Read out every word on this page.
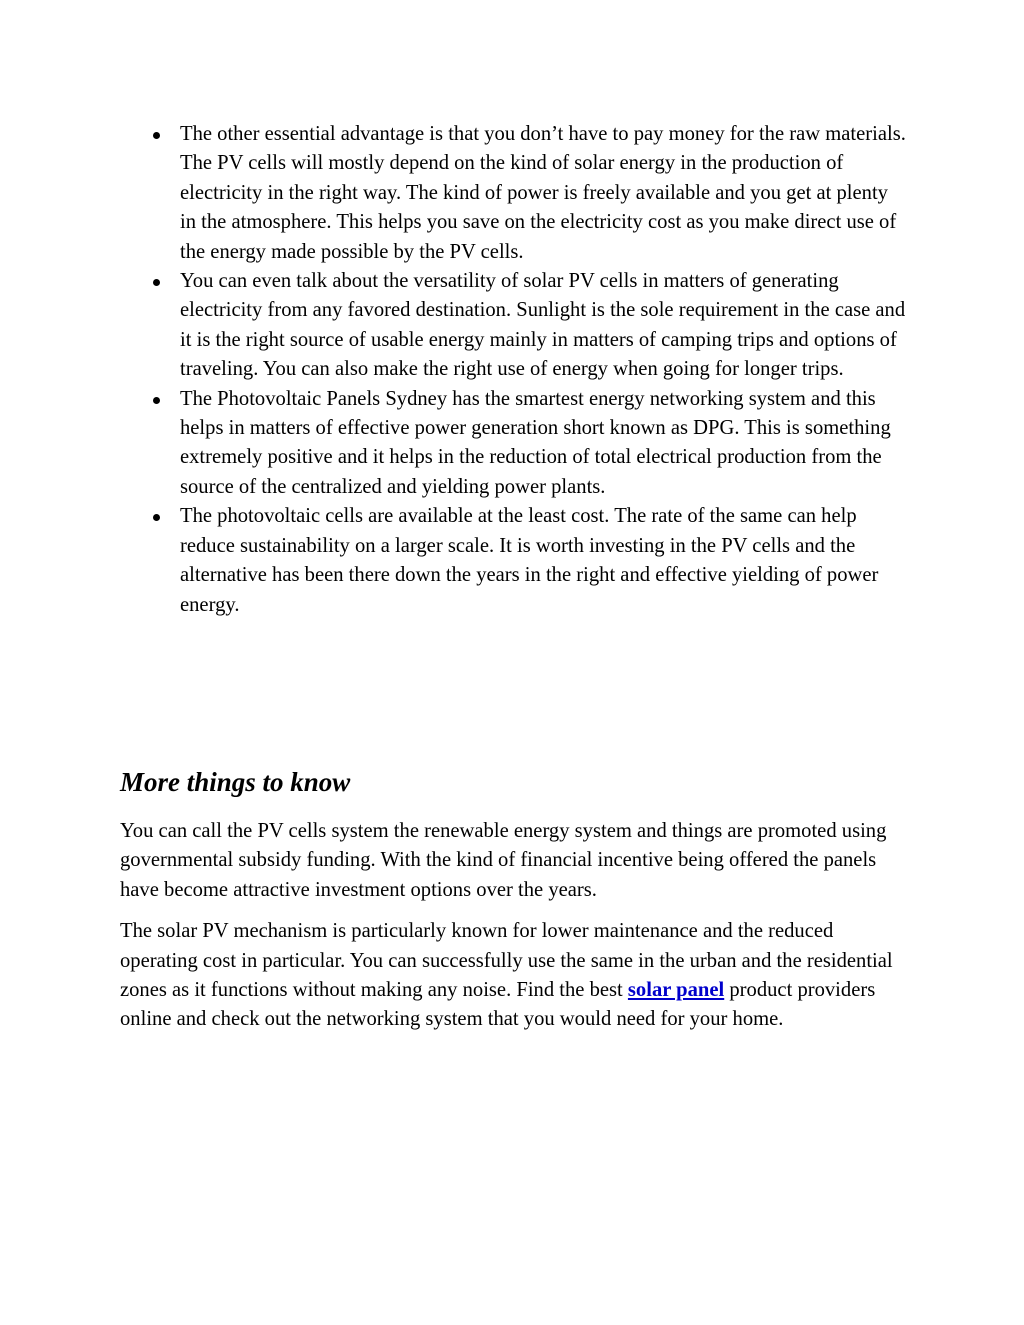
The other essential advantage is that you don’t have to pay money for the raw materials. The PV cells will mostly depend on the kind of solar energy in the production of electricity in the right way. The kind of power is freely available and you get at plenty in the atmosphere. This helps you save on the electricity cost as you make direct use of the energy made possible by the PV cells.
You can even talk about the versatility of solar PV cells in matters of generating electricity from any favored destination. Sunlight is the sole requirement in the case and it is the right source of usable energy mainly in matters of camping trips and options of traveling. You can also make the right use of energy when going for longer trips.
The Photovoltaic Panels Sydney has the smartest energy networking system and this helps in matters of effective power generation short known as DPG. This is something extremely positive and it helps in the reduction of total electrical production from the source of the centralized and yielding power plants.
The photovoltaic cells are available at the least cost. The rate of the same can help reduce sustainability on a larger scale. It is worth investing in the PV cells and the alternative has been there down the years in the right and effective yielding of power energy.
More things to know

You can call the PV cells system the renewable energy system and things are promoted using governmental subsidy funding. With the kind of financial incentive being offered the panels have become attractive investment options over the years.

The solar PV mechanism is particularly known for lower maintenance and the reduced operating cost in particular. You can successfully use the same in the urban and the residential zones as it functions without making any noise. Find the best solar panel product providers online and check out the networking system that you would need for your home.
